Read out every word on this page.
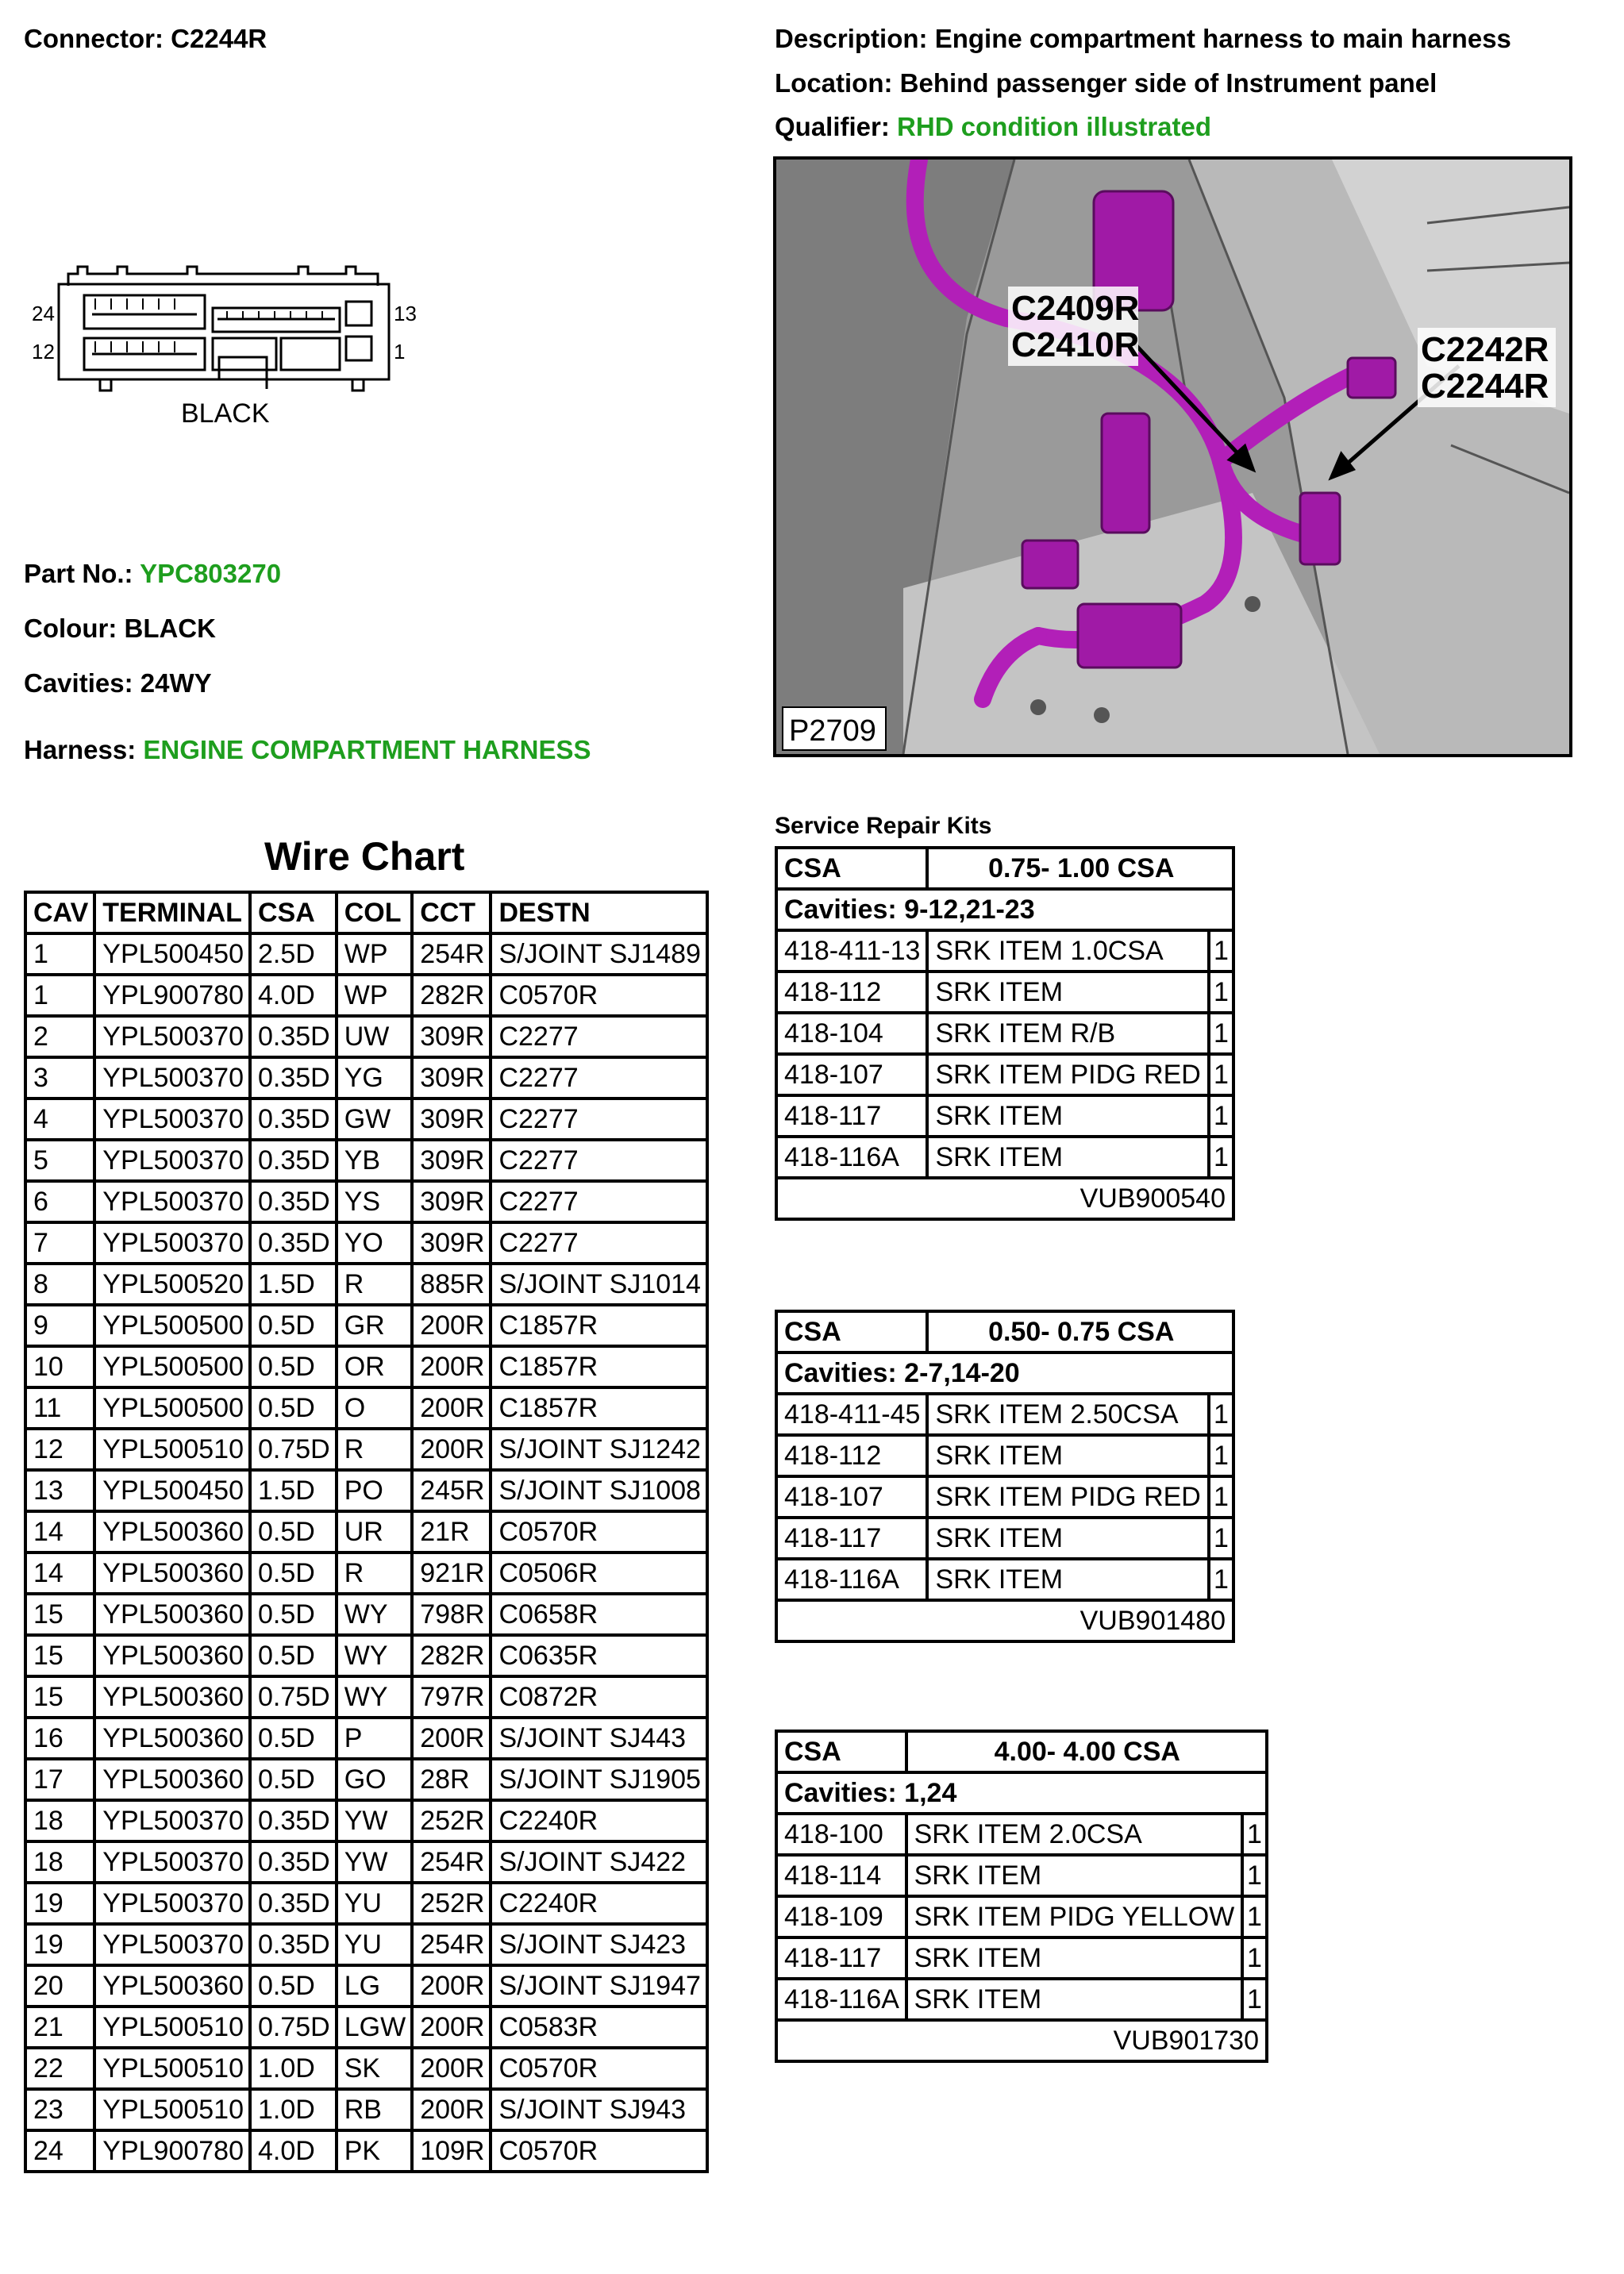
Connector: C2244R	Description: Engine compartment harness to main harness
Location: Behind passenger side of Instrument panel
Qualifier: RHD condition illustrated
24
12
13
1
BLACK
C2409R
C2410R	C2242R
C2244R
P2709
Part No.: YPC803270
Colour: BLACK
Cavities: 24WY
Harness: ENGINE COMPARTMENT HARNESS
Wire Chart
CAV	TERMINAL	CSA	COL	CCT	DESTN
1	YPL500450	2.5D	WP	254R	S/JOINT SJ1489
1	YPL900780	4.0D	WP	282R	C0570R
2	YPL500370	0.35D	UW	309R	C2277
3	YPL500370	0.35D	YG	309R	C2277
4	YPL500370	0.35D	GW	309R	C2277
5	YPL500370	0.35D	YB	309R	C2277
6	YPL500370	0.35D	YS	309R	C2277
7	YPL500370	0.35D	YO	309R	C2277
8	YPL500520	1.5D	R	885R	S/JOINT SJ1014
9	YPL500500	0.5D	GR	200R	C1857R
10	YPL500500	0.5D	OR	200R	C1857R
11	YPL500500	0.5D	O	200R	C1857R
12	YPL500510	0.75D	R	200R	S/JOINT SJ1242
13	YPL500450	1.5D	PO	245R	S/JOINT SJ1008
14	YPL500360	0.5D	UR	21R	C0570R
14	YPL500360	0.5D	R	921R	C0506R
15	YPL500360	0.5D	WY	798R	C0658R
15	YPL500360	0.5D	WY	282R	C0635R
15	YPL500360	0.75D	WY	797R	C0872R
16	YPL500360	0.5D	P	200R	S/JOINT SJ443
17	YPL500360	0.5D	GO	28R	S/JOINT SJ1905
18	YPL500370	0.35D	YW	252R	C2240R
18	YPL500370	0.35D	YW	254R	S/JOINT SJ422
19	YPL500370	0.35D	YU	252R	C2240R
19	YPL500370	0.35D	YU	254R	S/JOINT SJ423
20	YPL500360	0.5D	LG	200R	S/JOINT SJ1947
21	YPL500510	0.75D	LGW	200R	C0583R
22	YPL500510	1.0D	SK	200R	C0570R
23	YPL500510	1.0D	RB	200R	S/JOINT SJ943
24	YPL900780	4.0D	PK	109R	C0570R
Service Repair Kits
CSA	0.75- 1.00 CSA	
Cavities: 9-12,21-23		
418-411-13	SRK ITEM 1.0CSA	1
418-112	SRK ITEM	1
418-104	SRK ITEM R/B	1
418-107	SRK ITEM PIDG RED	1
418-117	SRK ITEM	1
418-116A	SRK ITEM	1
VUB900540		
CSA	0.50- 0.75 CSA	
Cavities: 2-7,14-20		
418-411-45	SRK ITEM 2.50CSA	1
418-112	SRK ITEM	1
418-107	SRK ITEM PIDG RED	1
418-117	SRK ITEM	1
418-116A	SRK ITEM	1
VUB901480		
CSA	4.00- 4.00 CSA	
Cavities: 1,24		
418-100	SRK ITEM 2.0CSA	1
418-114	SRK ITEM	1
418-109	SRK ITEM PIDG YELLOW	1
418-117	SRK ITEM	1
418-116A	SRK ITEM	1
VUB901730		
